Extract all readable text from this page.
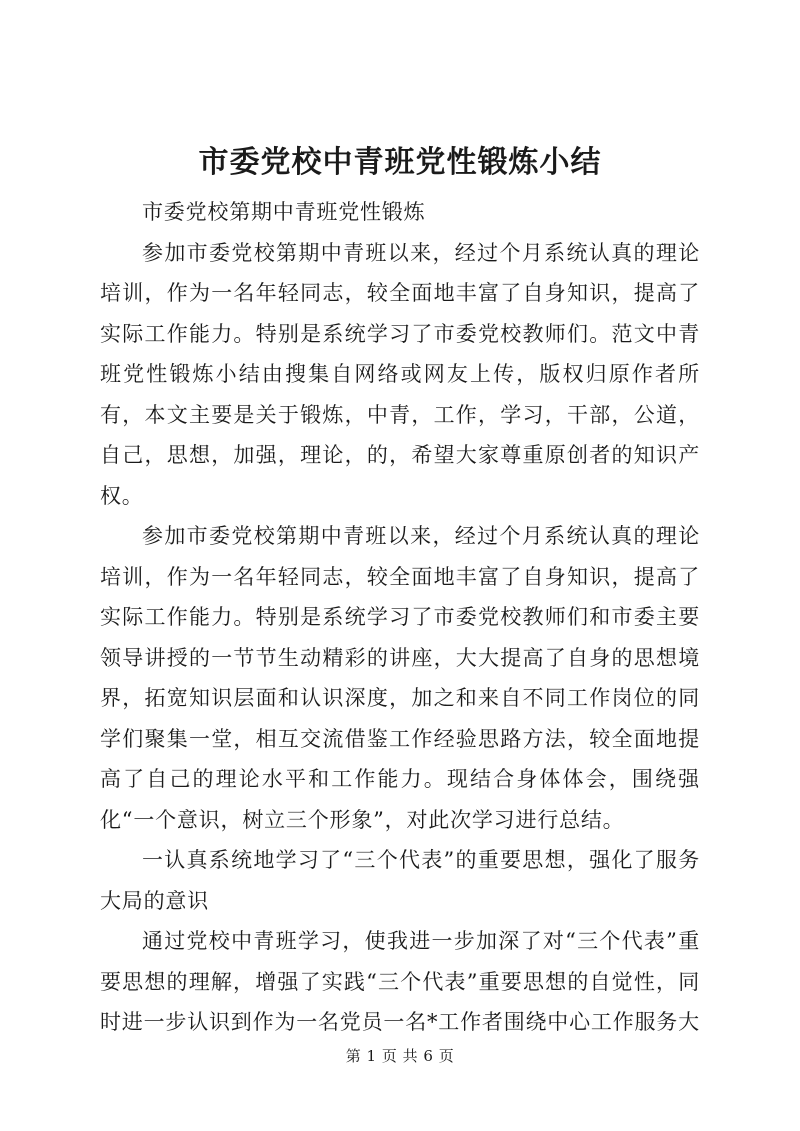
市委党校中青班党性锻炼小结

市委党校第期中青班党性锻炼

参加市委党校第期中青班以来，经过个月系统认真的理论培训，作为一名年轻同志，较全面地丰富了自身知识，提高了实际工作能力。特别是系统学习了市委党校教师们。范文中青班党性锻炼小结由搜集自网络或网友上传，版权归原作者所有，本文主要是关于锻炼，中青，工作，学习，干部，公道，自己，思想，加强，理论，的，希望大家尊重原创者的知识产权。

参加市委党校第期中青班以来，经过个月系统认真的理论培训，作为一名年轻同志，较全面地丰富了自身知识，提高了实际工作能力。特别是系统学习了市委党校教师们和市委主要领导讲授的一节节生动精彩的讲座，大大提高了自身的思想境界，拓宽知识层面和认识深度，加之和来自不同工作岗位的同学们聚集一堂，相互交流借鉴工作经验思路方法，较全面地提高了自己的理论水平和工作能力。现结合身体体会，围绕强化“一个意识，树立三个形象”，对此次学习进行总结。

一认真系统地学习了“三个代表”的重要思想，强化了服务大局的意识

通过党校中青班学习，使我进一步加深了对“三个代表”重要思想的理解，增强了实践“三个代表”重要思想的自觉性，同时进一步认识到作为一名党员一名*工作者围绕中心工作服务大

第 1 页 共 6 页
